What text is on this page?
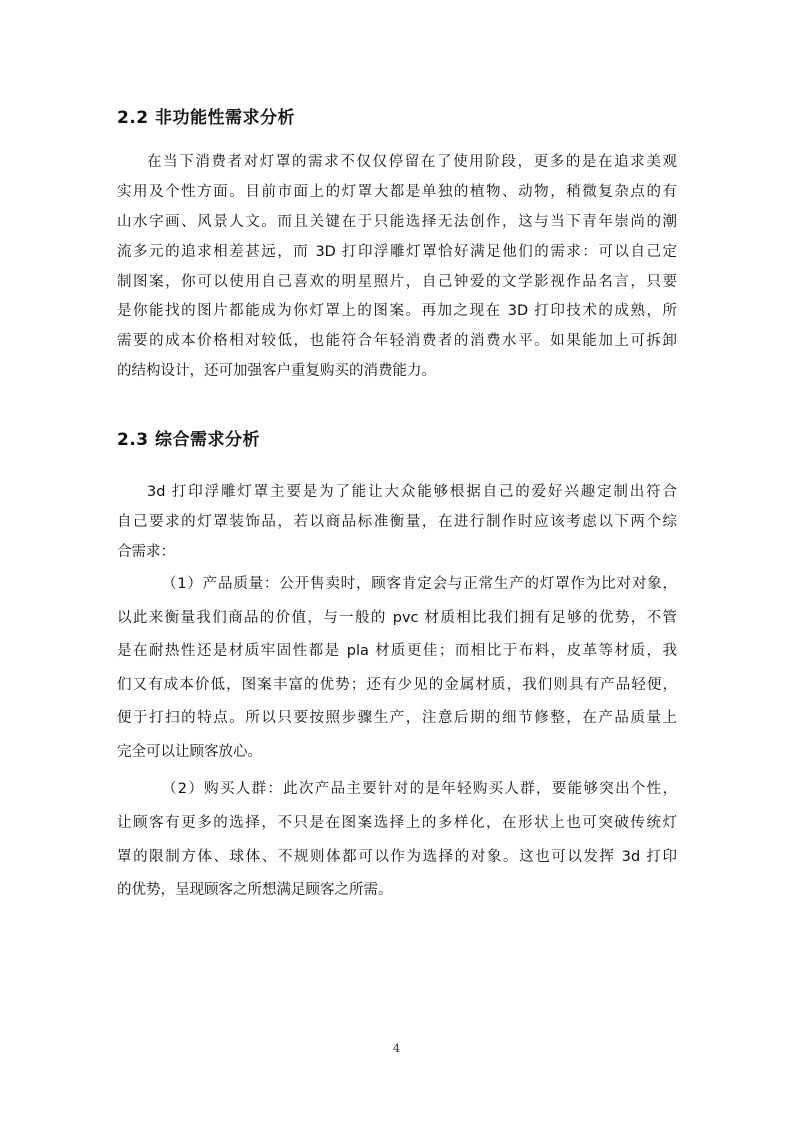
2.2 非功能性需求分析
在当下消费者对灯罩的需求不仅仅停留在了使用阶段，更多的是在追求美观
实用及个性方面。目前市面上的灯罩大都是单独的植物、动物，稍微复杂点的有
山水字画、风景人文。而且关键在于只能选择无法创作，这与当下青年崇尚的潮
流多元的追求相差甚远，而 3D 打印浮雕灯罩恰好满足他们的需求：可以自己定
制图案，你可以使用自己喜欢的明星照片，自己钟爱的文学影视作品名言，只要
是你能找的图片都能成为你灯罩上的图案。再加之现在 3D 打印技术的成熟，所
需要的成本价格相对较低，也能符合年轻消费者的消费水平。如果能加上可拆卸
的结构设计，还可加强客户重复购买的消费能力。
2.3 综合需求分析
3d 打印浮雕灯罩主要是为了能让大众能够根据自己的爱好兴趣定制出符合
自己要求的灯罩装饰品，若以商品标准衡量，在进行制作时应该考虑以下两个综
合需求：
（1）产品质量：公开售卖时，顾客肯定会与正常生产的灯罩作为比对对象，
以此来衡量我们商品的价值，与一般的 pvc 材质相比我们拥有足够的优势，不管
是在耐热性还是材质牢固性都是 pla 材质更佳；而相比于布料，皮革等材质，我
们又有成本价低，图案丰富的优势；还有少见的金属材质，我们则具有产品轻便，
便于打扫的特点。所以只要按照步骤生产，注意后期的细节修整，在产品质量上
完全可以让顾客放心。
（2）购买人群：此次产品主要针对的是年轻购买人群，要能够突出个性，
让顾客有更多的选择，不只是在图案选择上的多样化，在形状上也可突破传统灯
罩的限制方体、球体、不规则体都可以作为选择的对象。这也可以发挥 3d 打印
的优势，呈现顾客之所想满足顾客之所需。
4
